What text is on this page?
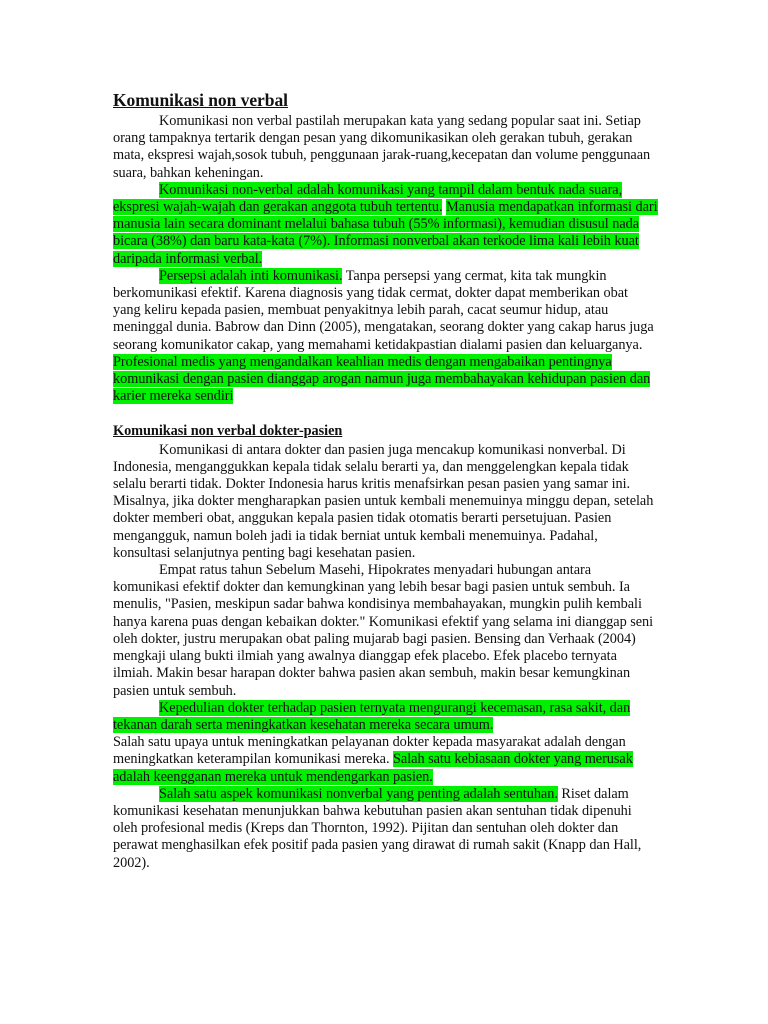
Komunikasi non verbal

Komunikasi non verbal pastilah merupakan kata yang sedang popular saat ini. Setiap orang tampaknya tertarik dengan pesan yang dikomunikasikan oleh gerakan tubuh, gerakan mata, ekspresi wajah,sosok tubuh, penggunaan jarak-ruang,kecepatan dan volume penggunaan suara, bahkan keheningan.

Komunikasi non-verbal adalah komunikasi yang tampil dalam bentuk nada suara, ekspresi wajah-wajah dan gerakan anggota tubuh tertentu. Manusia mendapatkan informasi dari manusia lain secara dominant melalui bahasa tubuh (55% informasi), kemudian disusul nada bicara (38%) dan baru kata-kata (7%). Informasi nonverbal akan terkode lima kali lebih kuat daripada informasi verbal.

Persepsi adalah inti komunikasi. Tanpa persepsi yang cermat, kita tak mungkin berkomunikasi efektif. Karena diagnosis yang tidak cermat, dokter dapat memberikan obat yang keliru kepada pasien, membuat penyakitnya lebih parah, cacat seumur hidup, atau meninggal dunia. Babrow dan Dinn (2005), mengatakan, seorang dokter yang cakap harus juga seorang komunikator cakap, yang memahami ketidakpastian dialami pasien dan keluarganya. Profesional medis yang mengandalkan keahlian medis dengan mengabaikan pentingnya komunikasi dengan pasien dianggap arogan namun juga membahayakan kehidupan pasien dan karier mereka sendiri

Komunikasi non verbal dokter-pasien

Komunikasi di antara dokter dan pasien juga mencakup komunikasi nonverbal. Di Indonesia, menganggukkan kepala tidak selalu berarti ya, dan menggelengkan kepala tidak selalu berarti tidak. Dokter Indonesia harus kritis menafsirkan pesan pasien yang samar ini. Misalnya, jika dokter mengharapkan pasien untuk kembali menemuinya minggu depan, setelah dokter memberi obat, anggukan kepala pasien tidak otomatis berarti persetujuan. Pasien mengangguk, namun boleh jadi ia tidak berniat untuk kembali menemuinya. Padahal, konsultasi selanjutnya penting bagi kesehatan pasien.

Empat ratus tahun Sebelum Masehi, Hipokrates menyadari hubungan antara komunikasi efektif dokter dan kemungkinan yang lebih besar bagi pasien untuk sembuh. Ia menulis, "Pasien, meskipun sadar bahwa kondisinya membahayakan, mungkin pulih kembali hanya karena puas dengan kebaikan dokter." Komunikasi efektif yang selama ini dianggap seni oleh dokter, justru merupakan obat paling mujarab bagi pasien. Bensing dan Verhaak (2004) mengkaji ulang bukti ilmiah yang awalnya dianggap efek placebo. Efek placebo ternyata ilmiah. Makin besar harapan dokter bahwa pasien akan sembuh, makin besar kemungkinan pasien untuk sembuh.

Kepedulian dokter terhadap pasien ternyata mengurangi kecemasan, rasa sakit, dan tekanan darah serta meningkatkan kesehatan mereka secara umum.

Salah satu upaya untuk meningkatkan pelayanan dokter kepada masyarakat adalah dengan meningkatkan keterampilan komunikasi mereka. Salah satu kebiasaan dokter yang merusak adalah keengganan mereka untuk mendengarkan pasien.

Salah satu aspek komunikasi nonverbal yang penting adalah sentuhan. Riset dalam komunikasi kesehatan menunjukkan bahwa kebutuhan pasien akan sentuhan tidak dipenuhi oleh profesional medis (Kreps dan Thornton, 1992). Pijitan dan sentuhan oleh dokter dan perawat menghasilkan efek positif pada pasien yang dirawat di rumah sakit (Knapp dan Hall, 2002).
